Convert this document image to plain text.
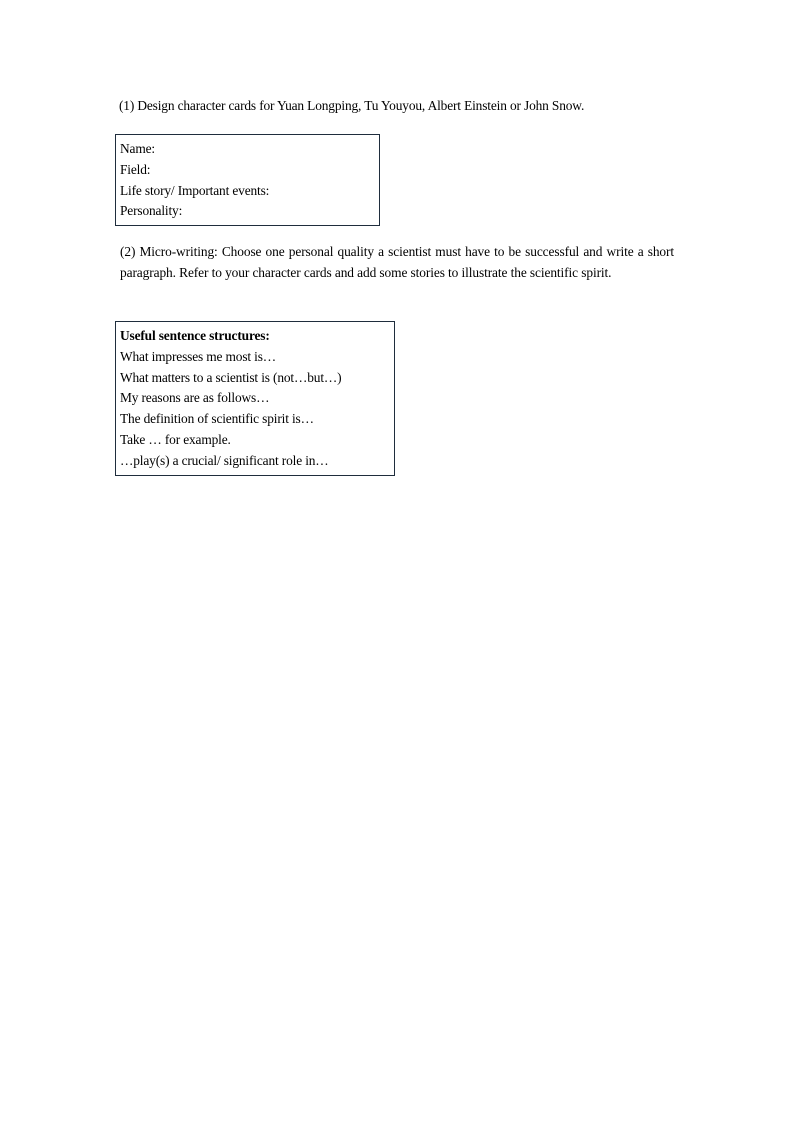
(1) Design character cards for Yuan Longping, Tu Youyou, Albert Einstein or John Snow.
Name:
Field:
Life story/ Important events:
Personality:
(2) Micro-writing: Choose one personal quality a scientist must have to be successful and write a short paragraph. Refer to your character cards and add some stories to illustrate the scientific spirit.
Useful sentence structures:
What impresses me most is…
What matters to a scientist is (not…but…)
My reasons are as follows…
The definition of scientific spirit is…
Take … for example.
…play(s) a crucial/ significant role in…
